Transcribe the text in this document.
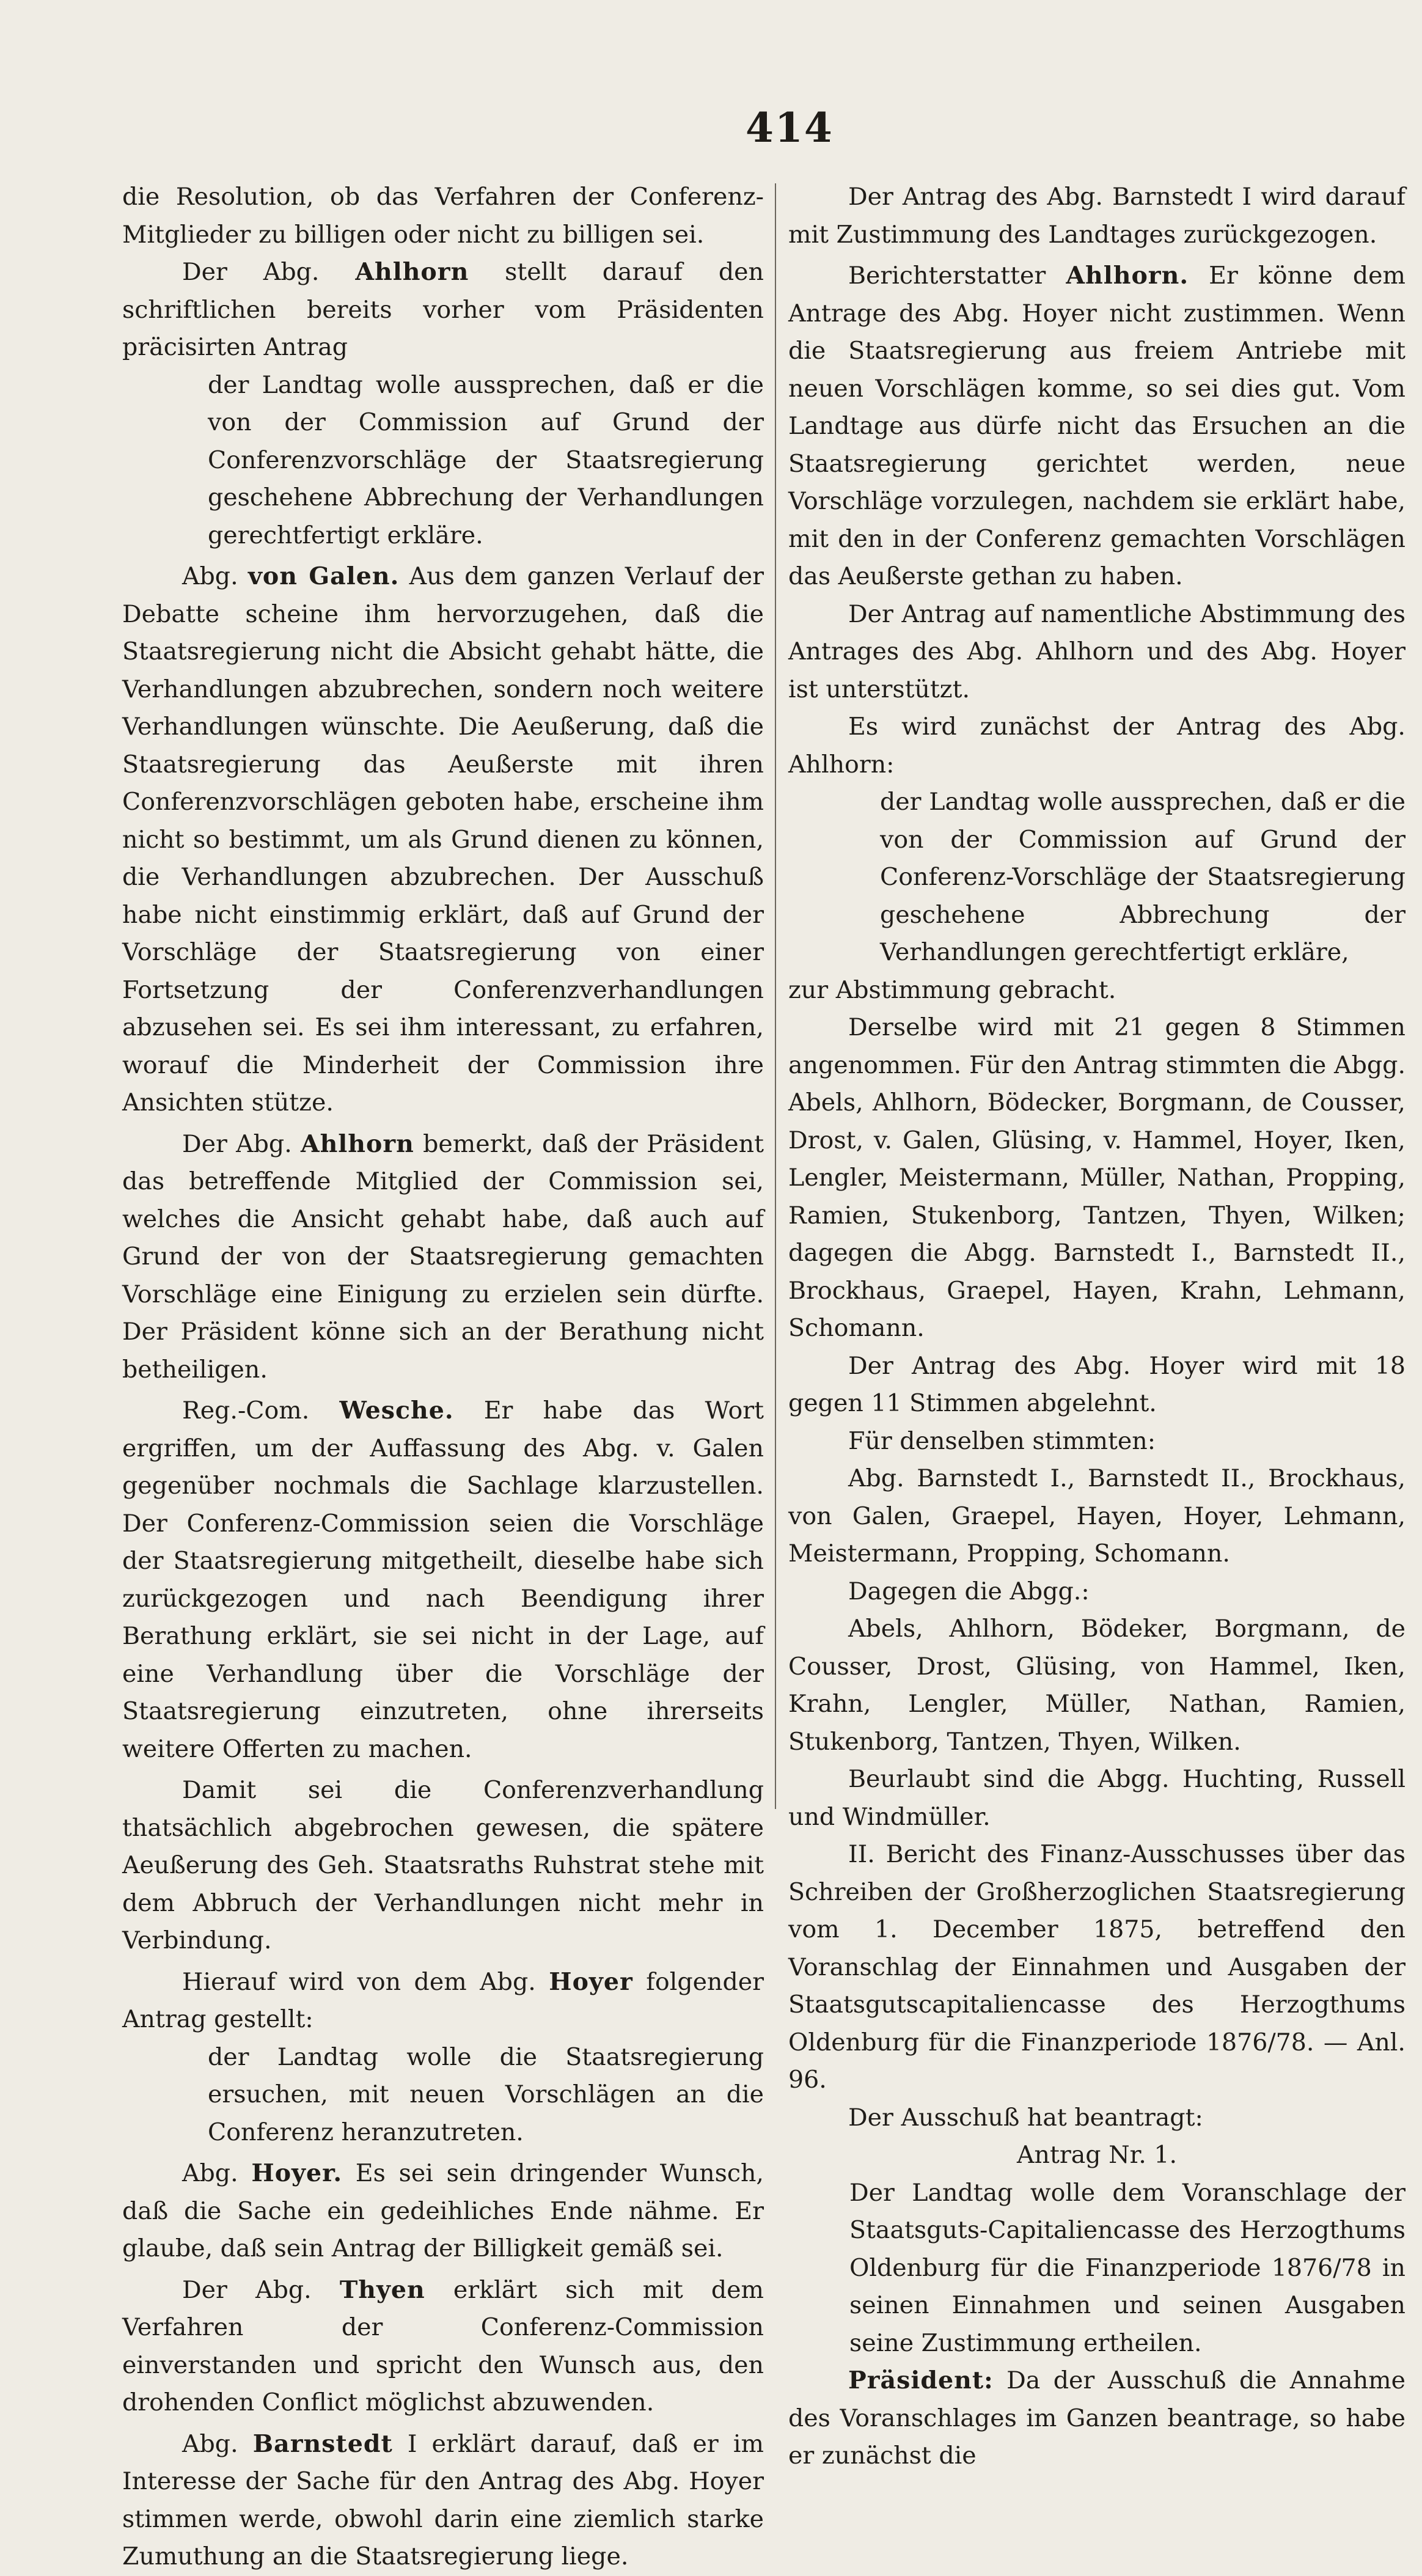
414

die Resolution, ob das Verfahren der Conferenz-Mitglieder zu billigen oder nicht zu billigen sei.

Der Abg. Ahlhorn stellt darauf den schriftlichen bereits vorher vom Präsidenten präcisirten Antrag

der Landtag wolle aussprechen, daß er die von der Commission auf Grund der Conferenzvorschläge der Staatsregierung geschehene Abbrechung der Verhandlungen gerechtfertigt erkläre.

Abg. von Galen. Aus dem ganzen Verlauf der Debatte scheine ihm hervorzugehen, daß die Staatsregierung nicht die Absicht gehabt hätte, die Verhandlungen abzubrechen, sondern noch weitere Verhandlungen wünschte. Die Aeußerung, daß die Staatsregierung das Aeußerste mit ihren Conferenzvorschlägen geboten habe, erscheine ihm nicht so bestimmt, um als Grund dienen zu können, die Verhandlungen abzubrechen. Der Ausschuß habe nicht einstimmig erklärt, daß auf Grund der Vorschläge der Staatsregierung von einer Fortsetzung der Conferenzverhandlungen abzusehen sei. Es sei ihm interessant, zu erfahren, worauf die Minderheit der Commission ihre Ansichten stütze.

Der Abg. Ahlhorn bemerkt, daß der Präsident das betreffende Mitglied der Commission sei, welches die Ansicht gehabt habe, daß auch auf Grund der von der Staatsregierung gemachten Vorschläge eine Einigung zu erzielen sein dürfte. Der Präsident könne sich an der Berathung nicht betheiligen.

Reg.-Com. Wesche. Er habe das Wort ergriffen, um der Auffassung des Abg. v. Galen gegenüber nochmals die Sachlage klarzustellen. Der Conferenz-Commission seien die Vorschläge der Staatsregierung mitgetheilt, dieselbe habe sich zurückgezogen und nach Beendigung ihrer Berathung erklärt, sie sei nicht in der Lage, auf eine Verhandlung über die Vorschläge der Staatsregierung einzutreten, ohne ihrerseits weitere Offerten zu machen.

Damit sei die Conferenzverhandlung thatsächlich abgebrochen gewesen, die spätere Aeußerung des Geh. Staatsraths Ruhstrat stehe mit dem Abbruch der Verhandlungen nicht mehr in Verbindung.

Hierauf wird von dem Abg. Hoyer folgender Antrag gestellt:

der Landtag wolle die Staatsregierung ersuchen, mit neuen Vorschlägen an die Conferenz heranzutreten.

Abg. Hoyer. Es sei sein dringender Wunsch, daß die Sache ein gedeihliches Ende nähme. Er glaube, daß sein Antrag der Billigkeit gemäß sei.

Der Abg. Thyen erklärt sich mit dem Verfahren der Conferenz-Commission einverstanden und spricht den Wunsch aus, den drohenden Conflict möglichst abzuwenden.

Abg. Barnstedt I erklärt darauf, daß er im Interesse der Sache für den Antrag des Abg. Hoyer stimmen werde, obwohl darin eine ziemlich starke Zumuthung an die Staatsregierung liege.

Der Antrag des Abg. Barnstedt I wird darauf mit Zustimmung des Landtages zurückgezogen.

Berichterstatter Ahlhorn. Er könne dem Antrage des Abg. Hoyer nicht zustimmen. Wenn die Staatsregierung aus freiem Antriebe mit neuen Vorschlägen komme, so sei dies gut. Vom Landtage aus dürfe nicht das Ersuchen an die Staatsregierung gerichtet werden, neue Vorschläge vorzulegen, nachdem sie erklärt habe, mit den in der Conferenz gemachten Vorschlägen das Aeußerste gethan zu haben.

Der Antrag auf namentliche Abstimmung des Antrages des Abg. Ahlhorn und des Abg. Hoyer ist unterstützt.

Es wird zunächst der Antrag des Abg. Ahlhorn:

der Landtag wolle aussprechen, daß er die von der Commission auf Grund der Conferenz-Vorschläge der Staatsregierung geschehene Abbrechung der Verhandlungen gerechtfertigt erkläre,

zur Abstimmung gebracht.

Derselbe wird mit 21 gegen 8 Stimmen angenommen. Für den Antrag stimmten die Abgg. Abels, Ahlhorn, Bödecker, Borgmann, de Cousser, Drost, v. Galen, Glüsing, v. Hammel, Hoyer, Iken, Lengler, Meistermann, Müller, Nathan, Propping, Ramien, Stukenborg, Tantzen, Thyen, Wilken; dagegen die Abgg. Barnstedt I., Barnstedt II., Brockhaus, Graepel, Hayen, Krahn, Lehmann, Schomann.

Der Antrag des Abg. Hoyer wird mit 18 gegen 11 Stimmen abgelehnt.

Für denselben stimmten:

Abg. Barnstedt I., Barnstedt II., Brockhaus, von Galen, Graepel, Hayen, Hoyer, Lehmann, Meistermann, Propping, Schomann.

Dagegen die Abgg.:

Abels, Ahlhorn, Bödeker, Borgmann, de Cousser, Drost, Glüsing, von Hammel, Iken, Krahn, Lengler, Müller, Nathan, Ramien, Stukenborg, Tantzen, Thyen, Wilken.

Beurlaubt sind die Abgg. Huchting, Russell und Windmüller.

II. Bericht des Finanz-Ausschusses über das Schreiben der Großherzoglichen Staatsregierung vom 1. December 1875, betreffend den Voranschlag der Einnahmen und Ausgaben der Staatsgutscapitaliencasse des Herzogthums Oldenburg für die Finanzperiode 1876/78. — Anl. 96.

Der Ausschuß hat beantragt:

Antrag Nr. 1.

Der Landtag wolle dem Voranschlage der Staatsguts-Capitaliencasse des Herzogthums Oldenburg für die Finanzperiode 1876/78 in seinen Einnahmen und seinen Ausgaben seine Zustimmung ertheilen.

Präsident: Da der Ausschuß die Annahme des Voranschlages im Ganzen beantrage, so habe er zunächst die
